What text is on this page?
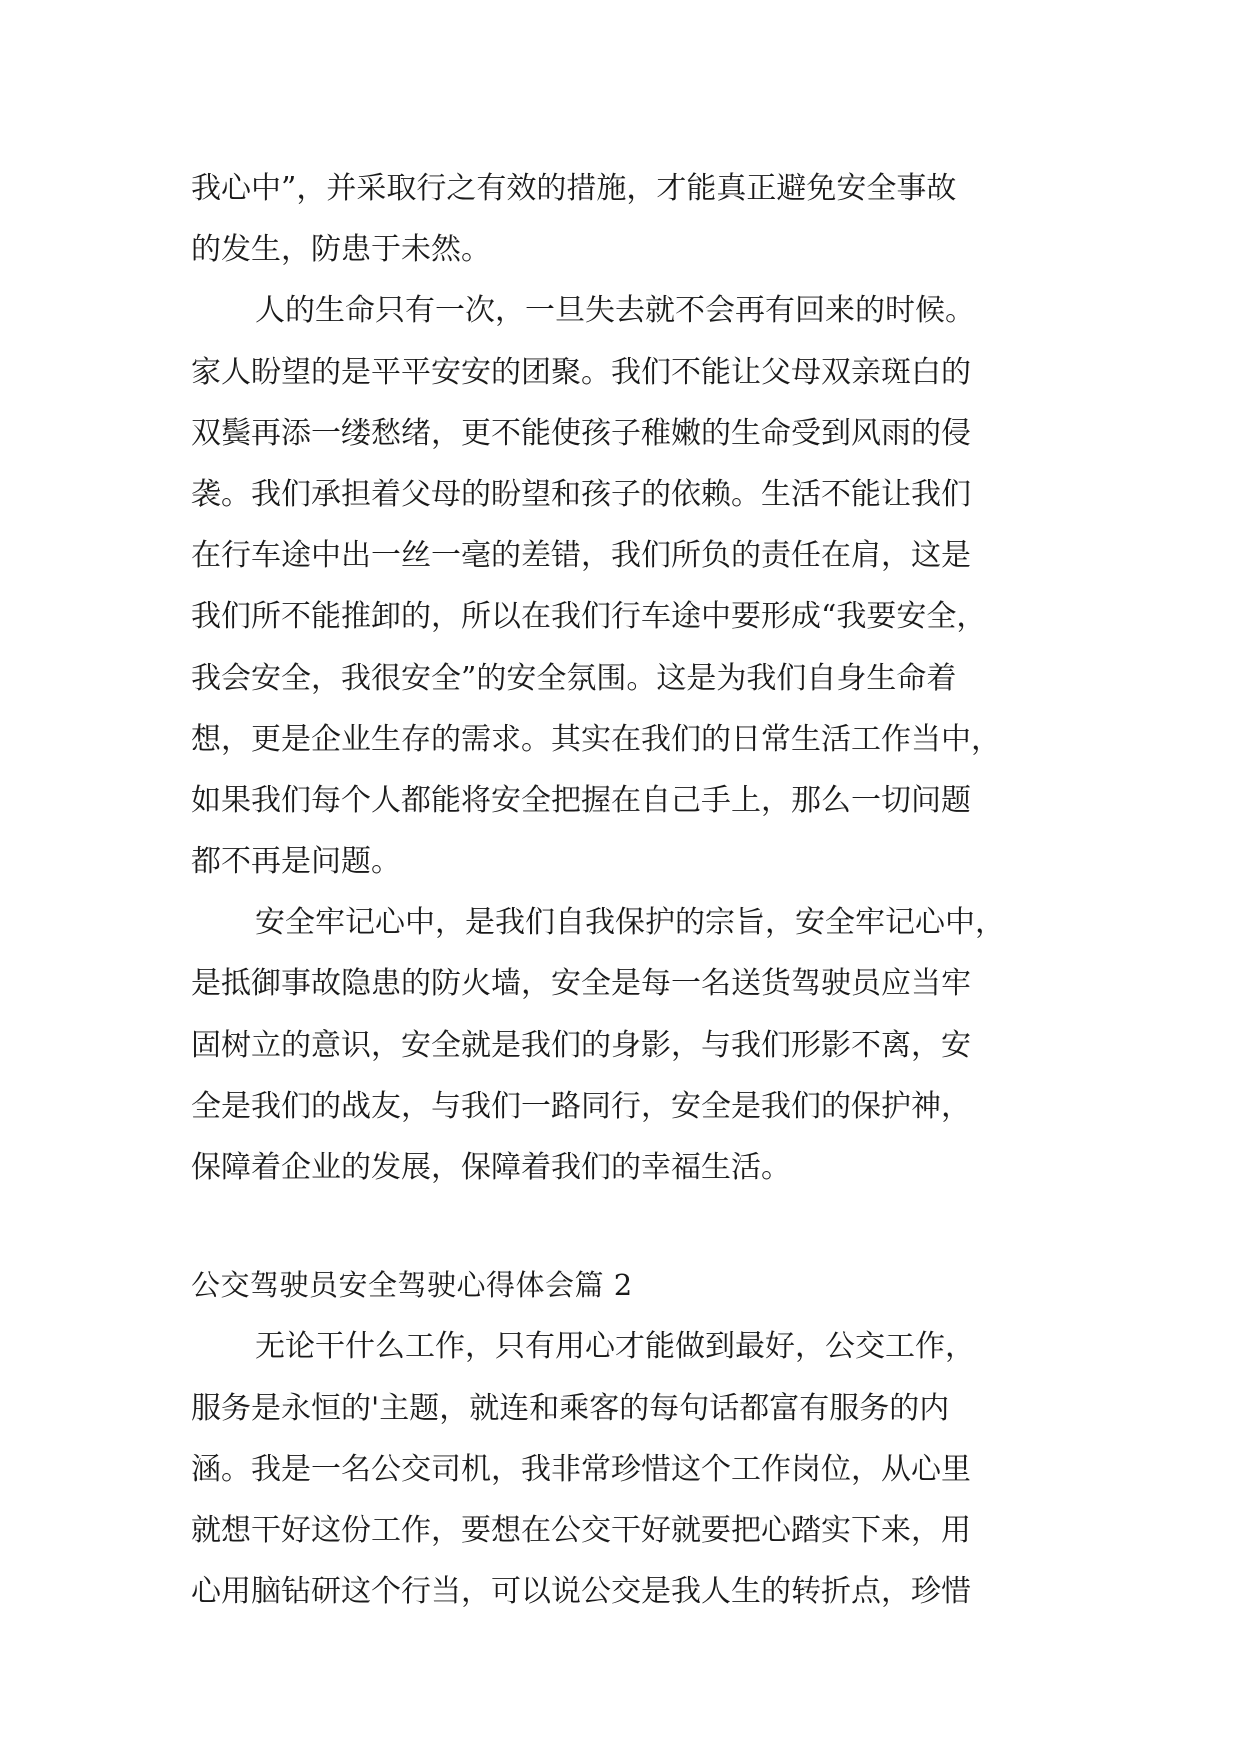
我心中”，并采取行之有效的措施，才能真正避免安全事故
的发生，防患于未然。
人的生命只有一次，一旦失去就不会再有回来的时候。
家人盼望的是平平安安的团聚。我们不能让父母双亲斑白的
双鬓再添一缕愁绪，更不能使孩子稚嫩的生命受到风雨的侵
袭。我们承担着父母的盼望和孩子的依赖。生活不能让我们
在行车途中出一丝一毫的差错，我们所负的责任在肩，这是
我们所不能推卸的，所以在我们行车途中要形成“我要安全，
我会安全，我很安全”的安全氛围。这是为我们自身生命着
想，更是企业生存的需求。其实在我们的日常生活工作当中，
如果我们每个人都能将安全把握在自己手上，那么一切问题
都不再是问题。
安全牢记心中，是我们自我保护的宗旨，安全牢记心中，
是抵御事故隐患的防火墙，安全是每一名送货驾驶员应当牢
固树立的意识，安全就是我们的身影，与我们形影不离，安
全是我们的战友，与我们一路同行，安全是我们的保护神，
保障着企业的发展，保障着我们的幸福生活。
公交驾驶员安全驾驶心得体会篇 2
无论干什么工作，只有用心才能做到最好，公交工作，
服务是永恒的'主题，就连和乘客的每句话都富有服务的内
涵。我是一名公交司机，我非常珍惜这个工作岗位，从心里
就想干好这份工作，要想在公交干好就要把心踏实下来，用
心用脑钻研这个行当，可以说公交是我人生的转折点，珍惜
